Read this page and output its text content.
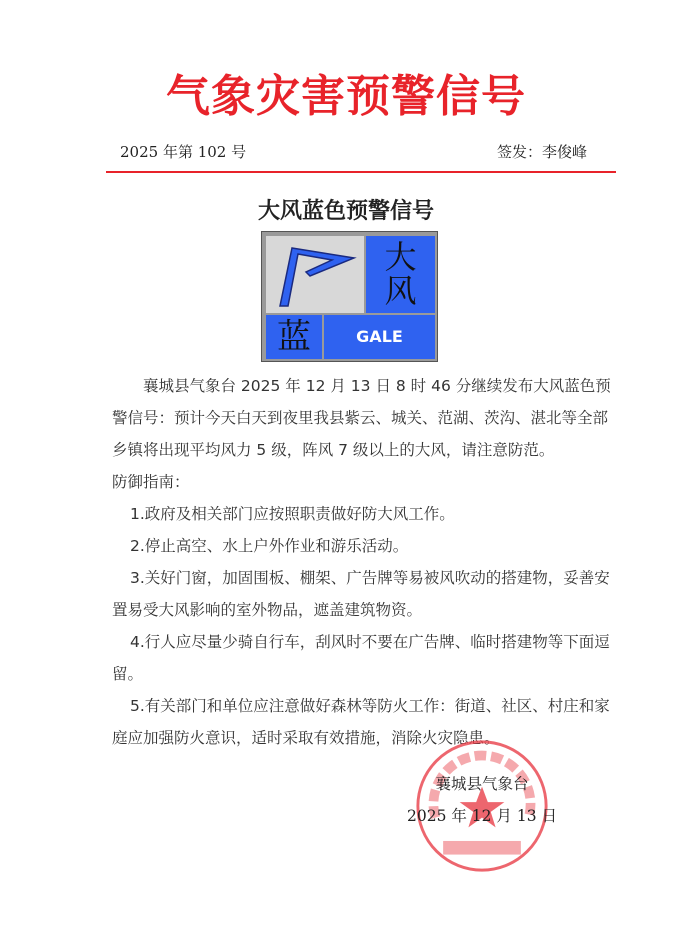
气象灾害预警信号
2025 年第 102 号	签发：李俊峰
大风蓝色预警信号
大
风
蓝	GALE

襄城县气象台 2025 年 12 月 13 日 8 时 46 分继续发布大风蓝色预警信号：预计今天白天到夜里我县紫云、城关、范湖、茨沟、湛北等全部乡镇将出现平均风力 5 级，阵风 7 级以上的大风，请注意防范。

防御指南：

1.政府及相关部门应按照职责做好防大风工作。

2.停止高空、水上户外作业和游乐活动。

3.关好门窗，加固围板、棚架、广告牌等易被风吹动的搭建物，妥善安置易受大风影响的室外物品，遮盖建筑物资。

4.行人应尽量少骑自行车，刮风时不要在广告牌、临时搭建物等下面逗留。

5.有关部门和单位应注意做好森林等防火工作：街道、社区、村庄和家庭应加强防火意识，适时采取有效措施，消除火灾隐患。

襄城县气象台
2025 年 12 月 13 日
